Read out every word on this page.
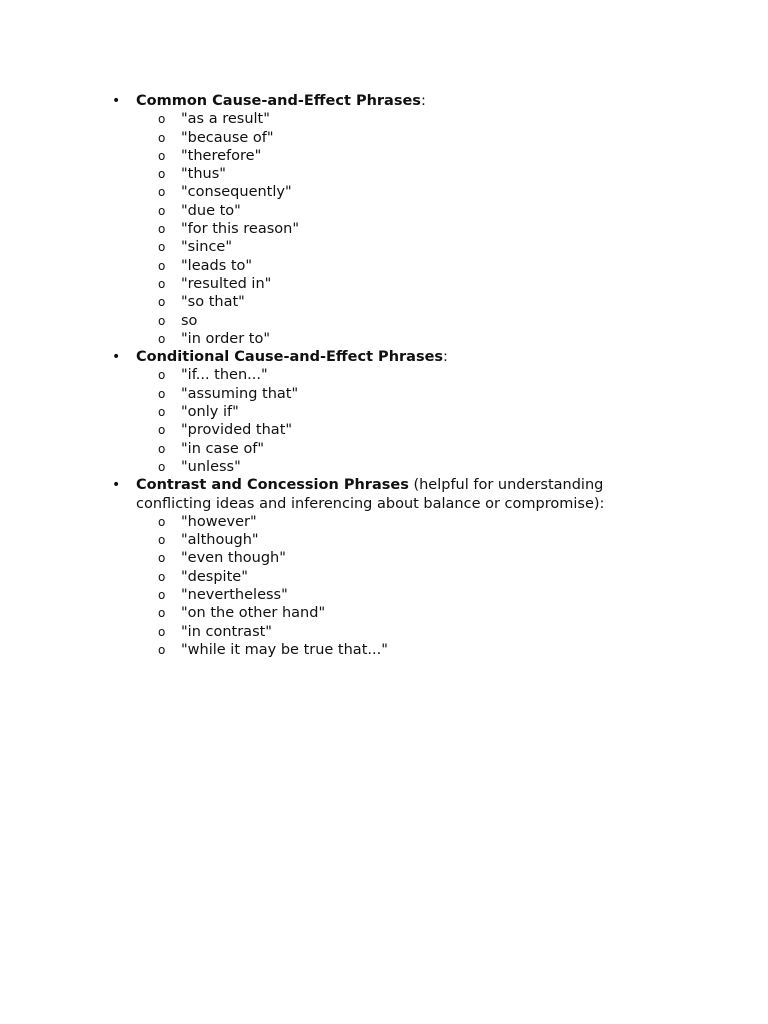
• Common Cause-and-Effect Phrases:
o "as a result"
o "because of"
o "therefore"
o "thus"
o "consequently"
o "due to"
o "for this reason"
o "since"
o "leads to"
o "resulted in"
o "so that"
o so
o "in order to"
• Conditional Cause-and-Effect Phrases:
o "if... then..."
o "assuming that"
o "only if"
o "provided that"
o "in case of"
o "unless"
• Contrast and Concession Phrases (helpful for understanding conflicting ideas and inferencing about balance or compromise):
o "however"
o "although"
o "even though"
o "despite"
o "nevertheless"
o "on the other hand"
o "in contrast"
o "while it may be true that..."
